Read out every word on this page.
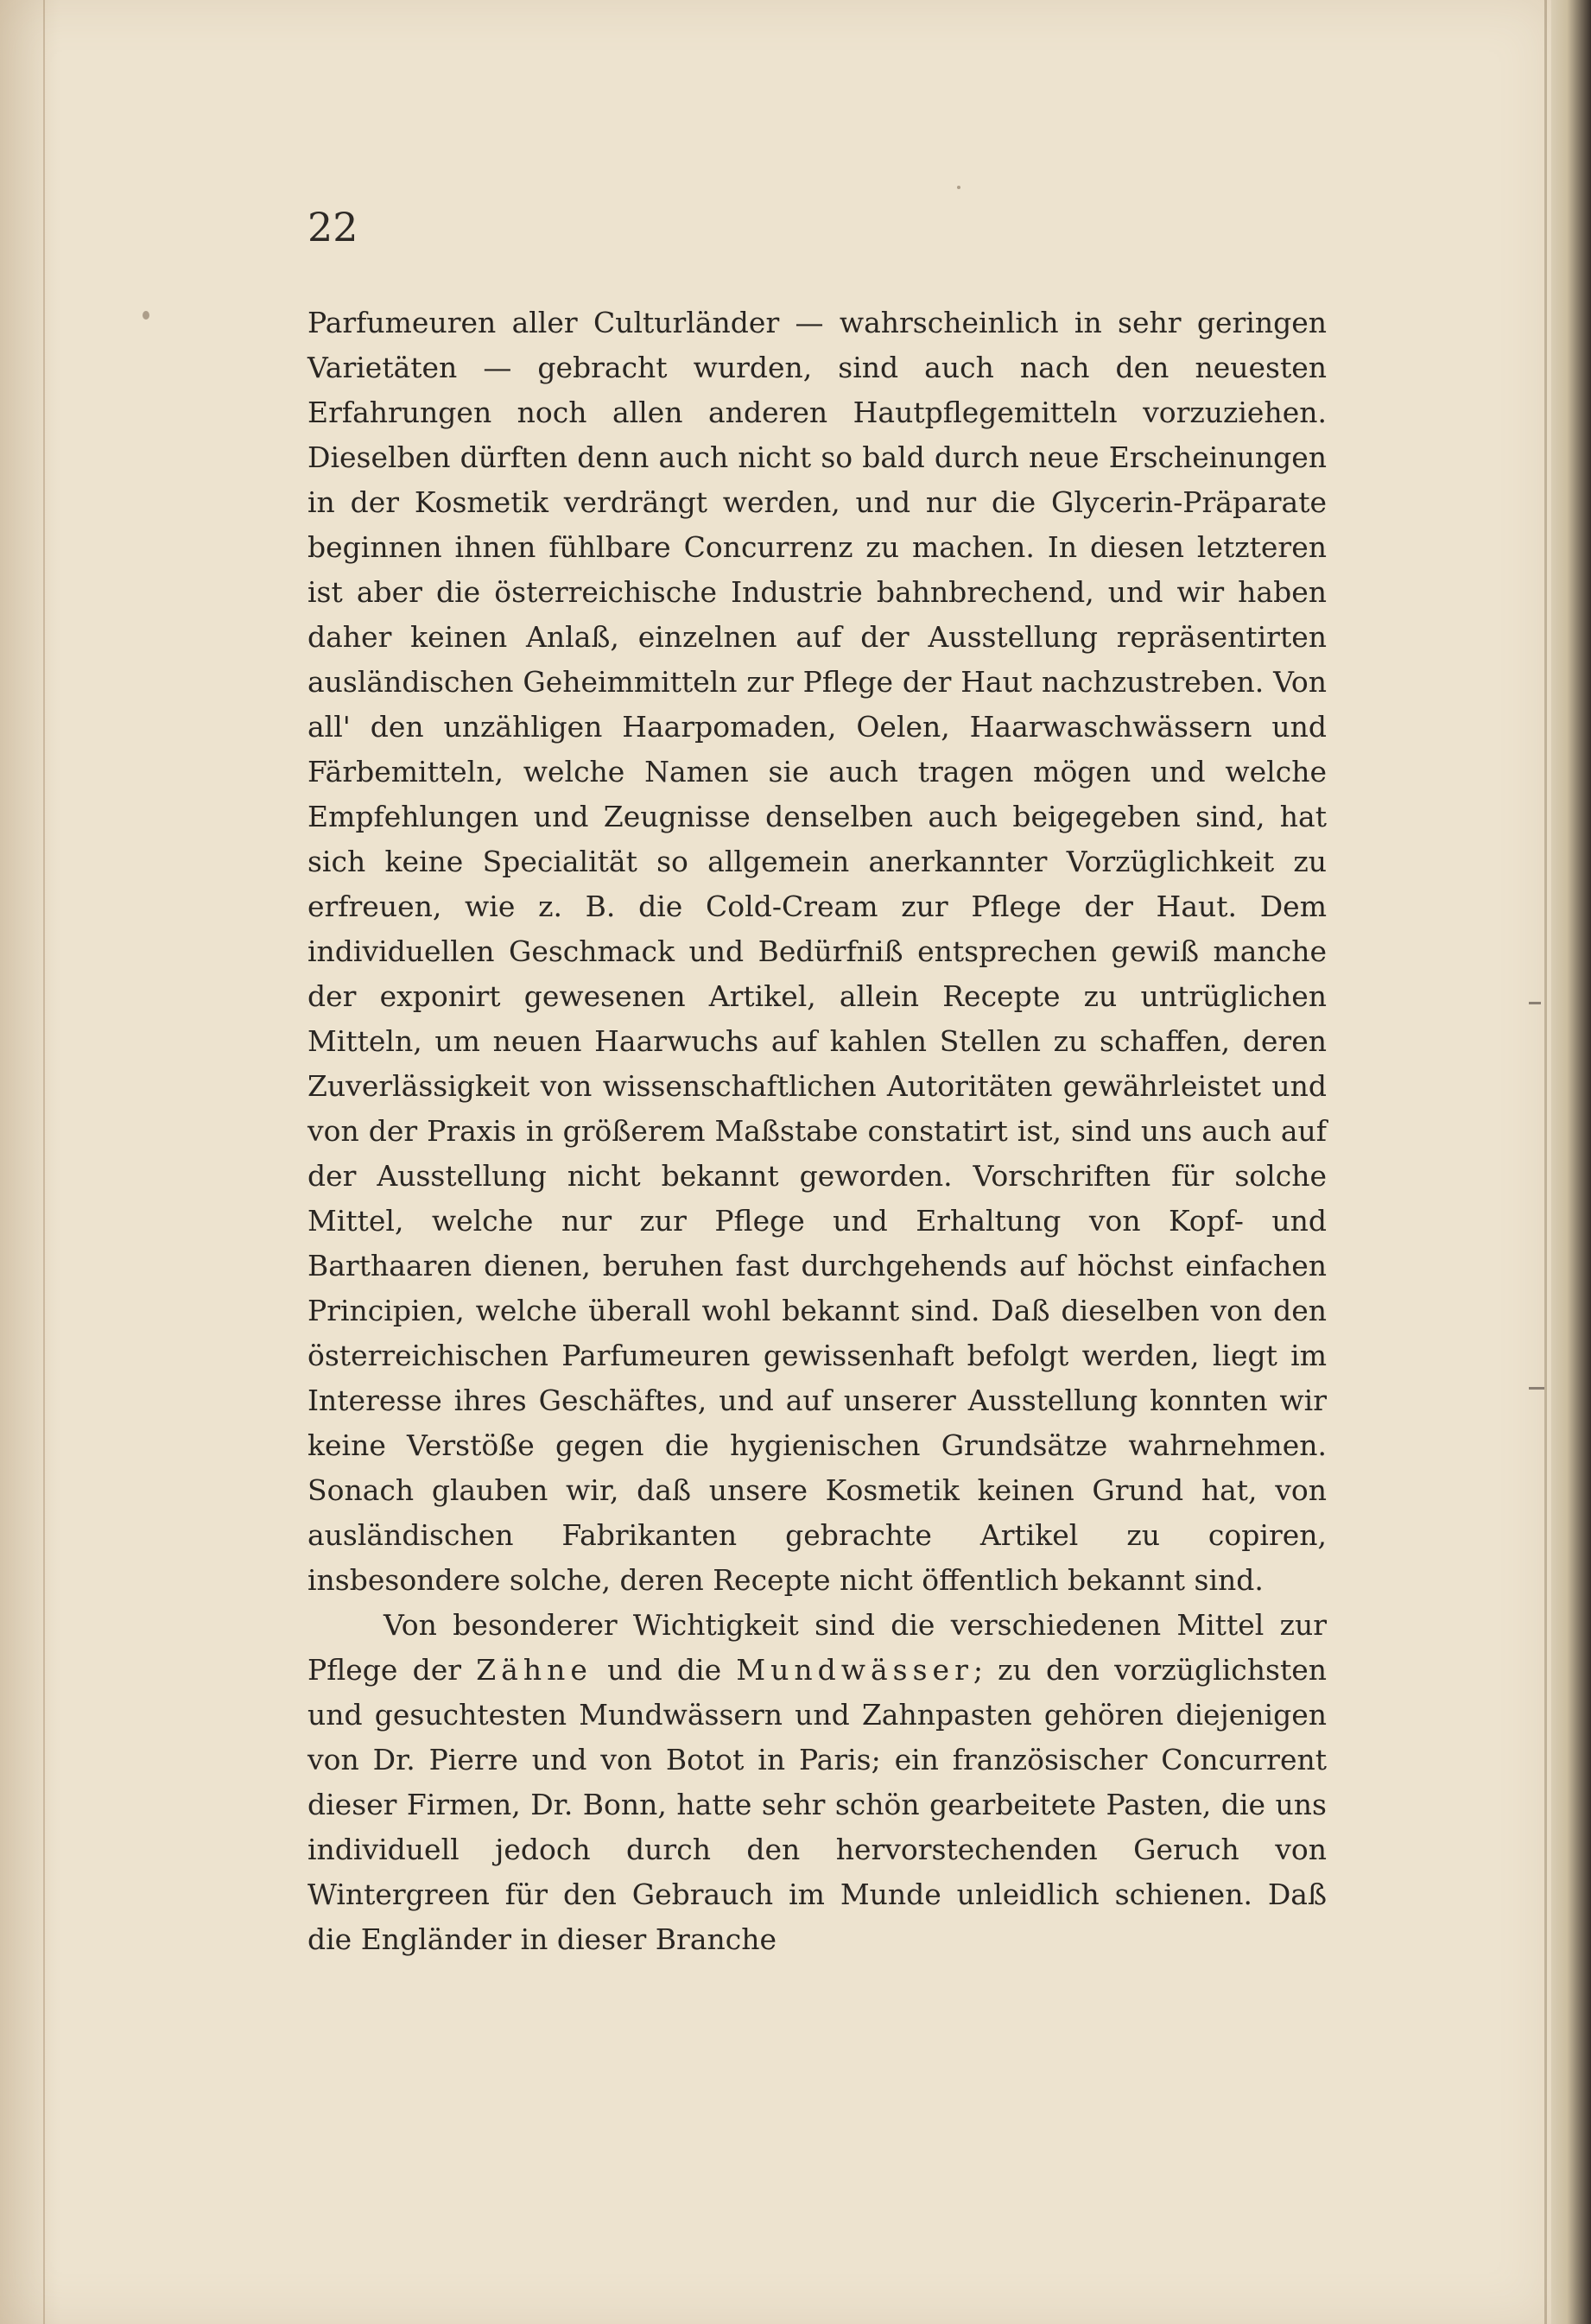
22

Parfumeuren aller Culturländer — wahrscheinlich in sehr geringen Varietäten — gebracht wurden, sind auch nach den neuesten Erfahrungen noch allen anderen Hautpflegemitteln vorzuziehen. Dieselben dürften denn auch nicht so bald durch neue Erscheinungen in der Kosmetik verdrängt werden, und nur die Glycerin-Präparate beginnen ihnen fühlbare Concurrenz zu machen. In diesen letzteren ist aber die österreichische Industrie bahnbrechend, und wir haben daher keinen Anlaß, einzelnen auf der Ausstellung repräsentirten ausländischen Geheimmitteln zur Pflege der Haut nachzustreben. Von all' den unzähligen Haarpomaden, Oelen, Haarwaschwässern und Färbemitteln, welche Namen sie auch tragen mögen und welche Empfehlungen und Zeugnisse denselben auch beigegeben sind, hat sich keine Specialität so allgemein anerkannter Vorzüglichkeit zu erfreuen, wie z. B. die Cold-Cream zur Pflege der Haut. Dem individuellen Geschmack und Bedürfniß entsprechen gewiß manche der exponirt gewesenen Artikel, allein Recepte zu untrüglichen Mitteln, um neuen Haarwuchs auf kahlen Stellen zu schaffen, deren Zuverlässigkeit von wissenschaftlichen Autoritäten gewährleistet und von der Praxis in größerem Maßstabe constatirt ist, sind uns auch auf der Ausstellung nicht bekannt geworden. Vorschriften für solche Mittel, welche nur zur Pflege und Erhaltung von Kopf- und Barthaaren dienen, beruhen fast durchgehends auf höchst einfachen Principien, welche überall wohl bekannt sind. Daß dieselben von den österreichischen Parfumeuren gewissenhaft befolgt werden, liegt im Interesse ihres Geschäftes, und auf unserer Ausstellung konnten wir keine Verstöße gegen die hygienischen Grundsätze wahrnehmen. Sonach glauben wir, daß unsere Kosmetik keinen Grund hat, von ausländischen Fabrikanten gebrachte Artikel zu copiren, insbesondere solche, deren Recepte nicht öffentlich bekannt sind.

Von besonderer Wichtigkeit sind die verschiedenen Mittel zur Pflege der Zähne und die Mundwässer; zu den vorzüglichsten und gesuchtesten Mundwässern und Zahnpasten gehören diejenigen von Dr. Pierre und von Botot in Paris; ein französischer Concurrent dieser Firmen, Dr. Bonn, hatte sehr schön gearbeitete Pasten, die uns individuell jedoch durch den hervorstechenden Geruch von Wintergreen für den Gebrauch im Munde unleidlich schienen. Daß die Engländer in dieser Branche
